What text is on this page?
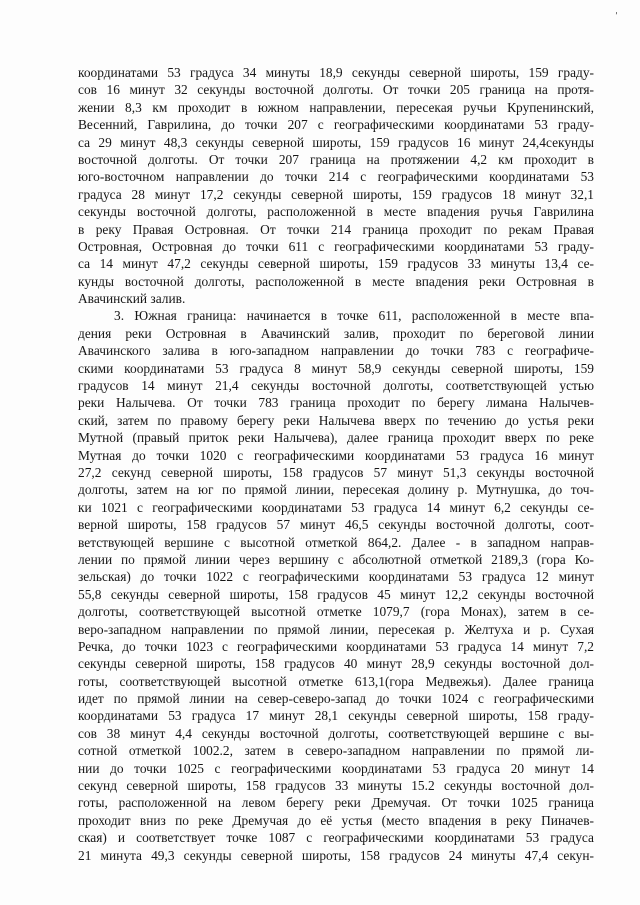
-
координатами 53 градуса 34 минуты 18,9 секунды северной широты, 159 граду-
сов 16 минут 32 секунды восточной долготы. От точки 205 граница на протя-
жении 8,3 км проходит в южном направлении, пересекая ручьи Крупенинский,
Весенний, Гаврилина, до точки 207 с географическими координатами 53 граду-
са 29 минут 48,3 секунды северной широты, 159 градусов 16 минут 24,4секунды
восточной долготы. От точки 207 граница на протяжении 4,2 км проходит в
юго-восточном направлении до точки 214 с географическими координатами 53
градуса 28 минут 17,2 секунды северной широты, 159 градусов 18 минут 32,1
секунды восточной долготы, расположенной в месте впадения ручья Гаврилина
в реку Правая Островная. От точки 214 граница проходит по рекам Правая
Островная, Островная до точки 611 с географическими координатами 53 граду-
са 14 минут 47,2 секунды северной широты, 159 градусов 33 минуты 13,4 се-
кунды восточной долготы, расположенной в месте впадения реки Островная в
Авачинский залив.
3. Южная граница: начинается в точке 611, расположенной в месте впа-
дения реки Островная в Авачинский залив, проходит по береговой линии
Авачинского залива в юго-западном направлении до точки 783 с географиче-
скими координатами 53 градуса 8 минут 58,9 секунды северной широты, 159
градусов 14 минут 21,4 секунды восточной долготы, соответствующей устью
реки Налычева. От точки 783 граница проходит по берегу лимана Налычев-
ский, затем по правому берегу реки Налычева вверх по течению до устья реки
Мутной (правый приток реки Налычева), далее граница проходит вверх по реке
Мутная до точки 1020 с географическими координатами 53 градуса 16 минут
27,2 секунд северной широты, 158 градусов 57 минут 51,3 секунды восточной
долготы, затем на юг по прямой линии, пересекая долину р. Мутнушка, до точ-
ки 1021 с географическими координатами 53 градуса 14 минут 6,2 секунды се-
верной широты, 158 градусов 57 минут 46,5 секунды восточной долготы, соот-
ветствующей вершине с высотной отметкой 864,2. Далее - в западном направ-
лении по прямой линии через вершину с абсолютной отметкой 2189,3 (гора Ко-
зельская) до точки 1022 с географическими координатами 53 градуса 12 минут
55,8 секунды северной широты, 158 градусов 45 минут 12,2 секунды восточной
долготы, соответствующей высотной отметке 1079,7 (гора Монах), затем в се-
веро-западном направлении по прямой линии, пересекая р. Желтуха и р. Сухая
Речка, до точки 1023 с географическими координатами 53 градуса 14 минут 7,2
секунды северной широты, 158 градусов 40 минут 28,9 секунды восточной дол-
готы, соответствующей высотной отметке 613,1(гора Медвежья). Далее граница
идет по прямой линии на север-северо-запад до точки 1024 с географическими
координатами 53 градуса 17 минут 28,1 секунды северной широты, 158 граду-
сов 38 минут 4,4 секунды восточной долготы, соответствующей вершине с вы-
сотной отметкой 1002.2, затем в северо-западном направлении по прямой ли-
нии до точки 1025 с географическими координатами 53 градуса 20 минут 14
секунд северной широты, 158 градусов 33 минуты 15.2 секунды восточной дол-
готы, расположенной на левом берегу реки Дремучая. От точки 1025 граница
проходит вниз по реке Дремучая до её устья (место впадения в реку Пиначев-
ская) и соответствует точке 1087 с географическими координатами 53 градуса
21 минута 49,3 секунды северной широты, 158 градусов 24 минуты 47,4 секун-
